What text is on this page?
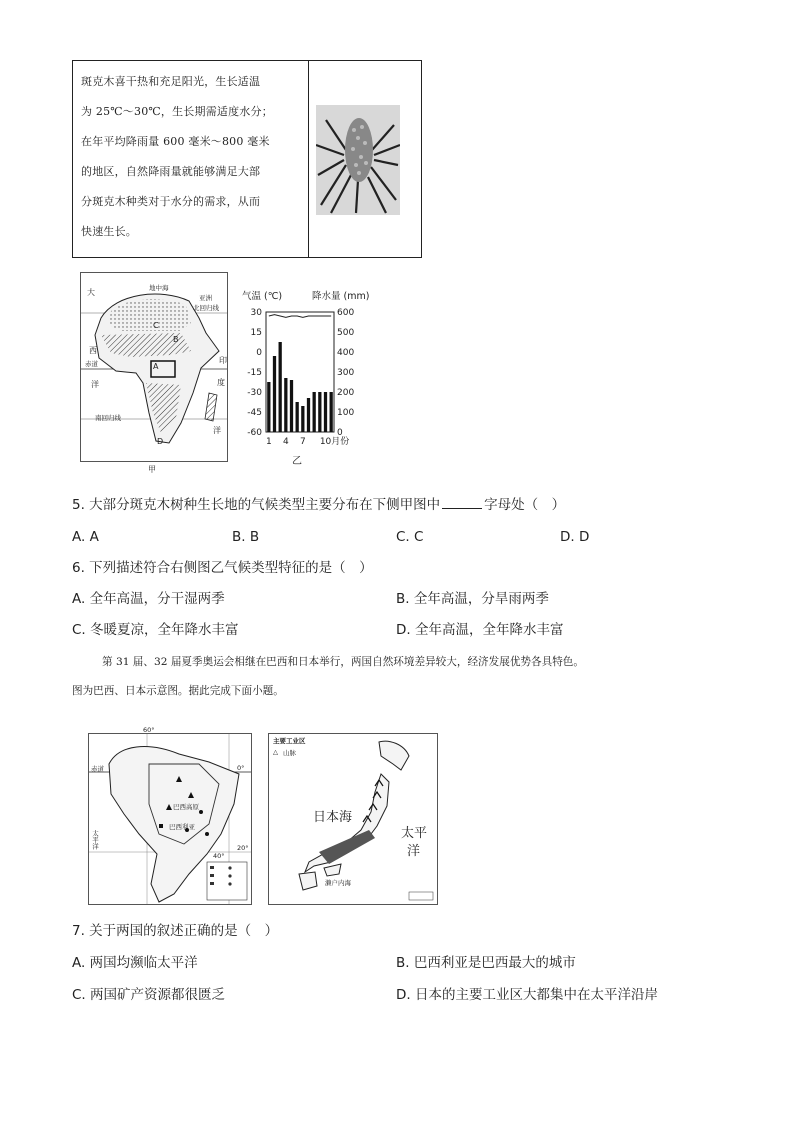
斑克木喜干热和充足阳光，生长适温
为 25℃～30℃，生长期需适度水分；
在年平均降雨量 600 毫米～800 毫米
的地区，自然降雨量就能够满足大部
分斑克木种类对于水分的需求，从而
快速生长。
大	地中海
亚洲
北回归线
C
B
西
赤道	A
印
洋	度
南回归线
洋
D
甲
气温 (℃)	降水量 (mm)
30
15
0
-15
-30
-45
-60
600
500
400
300
200
100
0
1 4 7 10月份
乙
5. 大部分斑克木树种生长地的气候类型主要分布在下侧甲图中	字母处（　）
A. A	B. B	C. C	D. D
6. 下列描述符合右侧图乙气候类型特征的是（　）
A. 全年高温，分干湿两季	B. 全年高温，分旱雨两季
C. 冬暖夏凉，全年降水丰富	D. 全年高温，全年降水丰富
第 31 届、32 届夏季奥运会相继在巴西和日本举行，两国自然环境差异较大，经济发展优势各具特色。
图为巴西、日本示意图。据此完成下面小题。
60°
0°
赤道
巴西高原
巴西利亚
20°
40°
太平洋
主要工业区
△ 山脉
日本海
太平
洋
濑户内海
7. 关于两国的叙述正确的是（　）
A. 两国均濒临太平洋	B. 巴西利亚是巴西最大的城市
C. 两国矿产资源都很匮乏	D. 日本的主要工业区大都集中在太平洋沿岸
